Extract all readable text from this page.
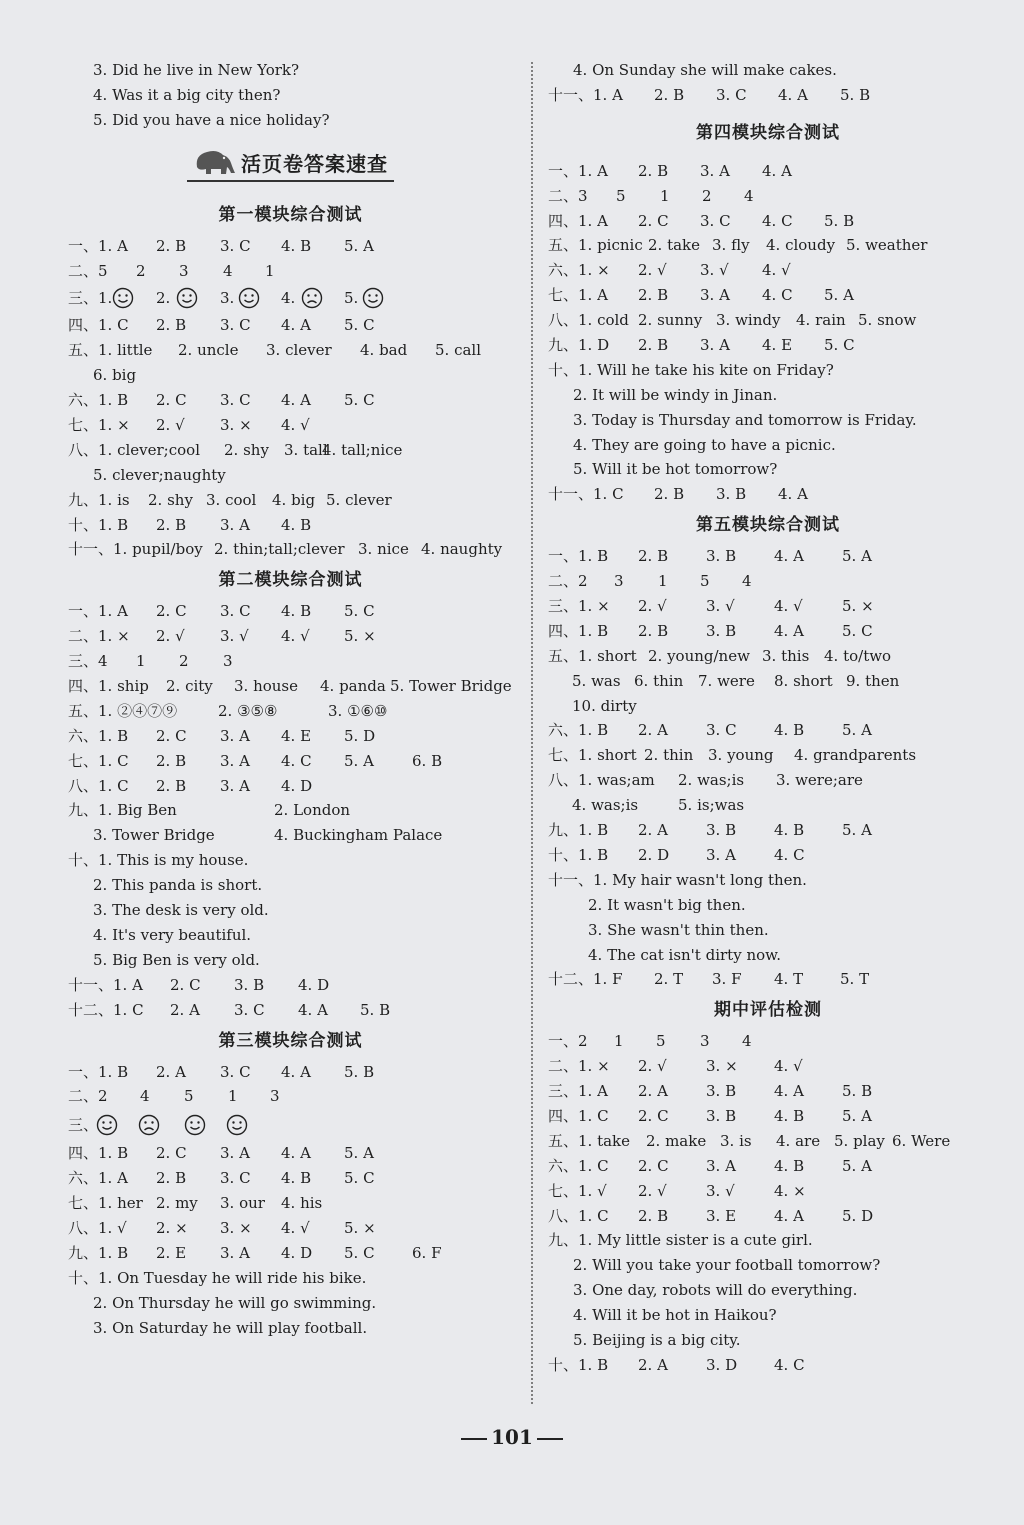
3. Did he live in New York?
4. Was it a big city then?
5. Did you have a nice holiday?
活页卷答案速查
第一模块综合测试

一、1. A 2. B 3. C 4. B 5. A

二、5 2 3 4 1

三、1.

	2.

	3.

	4.

	5.

四、1. C 2. B 3. C 4. A 5. C

五、1. little 2. uncle 3. clever 4. bad 5. call

6. big

六、1. B 2. C 3. C 4. A 5. C

七、1. × 2. √ 3. × 4. √

八、1. clever;cool 2. shy 3. tall
4. tall;nice

5. clever;naughty

九、1. is 2. shy 3. cool 4. big 5. clever

十、1. B 2. B 3. A 4. B

十一、1. pupil/boy 2. thin;tall;clever 3. nice 4. naughty

第二模块综合测试

一、1. A 2. C 3. C 4. B 5. C

二、1. × 2. √ 3. √ 4. √ 5. ×

三、4 1 2 3

四、1. ship 2. city 3. house 4. panda 5. Tower Bridge

五、1. ②④⑦⑨	2. ③⑤⑧	3. ①⑥⑩

六、1. B 2. C 3. A 4. E 5. D

七、1. C 2. B 3. A 4. C 5. A	6. B

八、1. C 2. B 3. A 4. D

九、1. Big Ben	2. London

3. Tower Bridge	4. Buckingham Palace

十、1. This is my house.
2. This panda is short.
3. The desk is very old.
4. It's very beautiful.
5. Big Ben is very old.

十一、1. A 2. C 3. B 4. D

十二、1. C 2. A 3. C 4. A 5. B

第三模块综合测试

一、1. B 2. A 3. C 4. A 5. B

二、2 4 5 1 3

三、

四、1. B 2. C 3. A 4. A 5. A

六、1. A 2. B 3. C 4. B 5. C

七、1. her 2. my 3. our 4. his

八、1. √ 2. × 3. × 4. √ 5. ×

九、1. B 2. E 3. A 4. D 5. C 6. F

十、1. On Tuesday he will ride his bike.
2. On Thursday he will go swimming.
3. On Saturday he will play football.
4. On Sunday she will make cakes.

十一、1. A 2. B 3. C 4. A 5. B

第四模块综合测试

一、1. A 2. B 3. A 4. A

二、3 5 1 2 4

四、1. A 2. C 3. C 4. C 5. B

五、1. picnic 2. take 3. fly 4. cloudy 5. weather

六、1. × 2. √ 3. √ 4. √

七、1. A 2. B 3. A 4. C 5. A

八、1. cold 2. sunny 3. windy 4. rain 5. snow

九、1. D 2. B 3. A 4. E 5. C

十、1. Will he take his kite on Friday?
2. It will be windy in Jinan.
3. Today is Thursday and tomorrow is Friday.
4. They are going to have a picnic.
5. Will it be hot tomorrow?

十一、1. C 2. B 3. B 4. A

第五模块综合测试

一、1. B 2. B	3. B	4. A	5. A

二、2 3 1 5 4

三、1. × 2. √	3. √	4. √	5. ×

四、1. B 2. B	3. B	4. A	5. C

五、1. short 2. young/new 3. this 4. to/two

5. was 6. thin 7. were 8. short 9. then

10. dirty

六、1. B 2. A	3. C 4. B	5. A

七、1. short 2. thin 3. young 4. grandparents

八、1. was;am 2. was;is 3. were;are

4. was;is	5. is;was

九、1. B 2. A	3. B	4. B	5. A

十、1. B 2. D 3. A	4. C

十一、1. My hair wasn't long then.
2. It wasn't big then.
3. She wasn't thin then.
4. The cat isn't dirty now.

十二、1. F 2. T 3. F 4. T 5. T

期中评估检测

一、2 1 5 3 4

二、1. × 2. √	3. × 4. √

三、1. A 2. A	3. B	4. A	5. B

四、1. C 2. C 3. B	4. B	5. A

五、1. take 2. make 3. is 4. are 5. play 6. Were

六、1. C 2. C 3. A	4. B	5. A

七、1. √ 2. √	3. √	4. ×

八、1. C 2. B	3. E	4. A	5. D

九、1. My little sister is a cute girl.
2. Will you take your football tomorrow?
3. One day, robots will do everything.
4. Will it be hot in Haikou?
5. Beijing is a big city.

十、1. B 2. A	3. D 4. C

101
